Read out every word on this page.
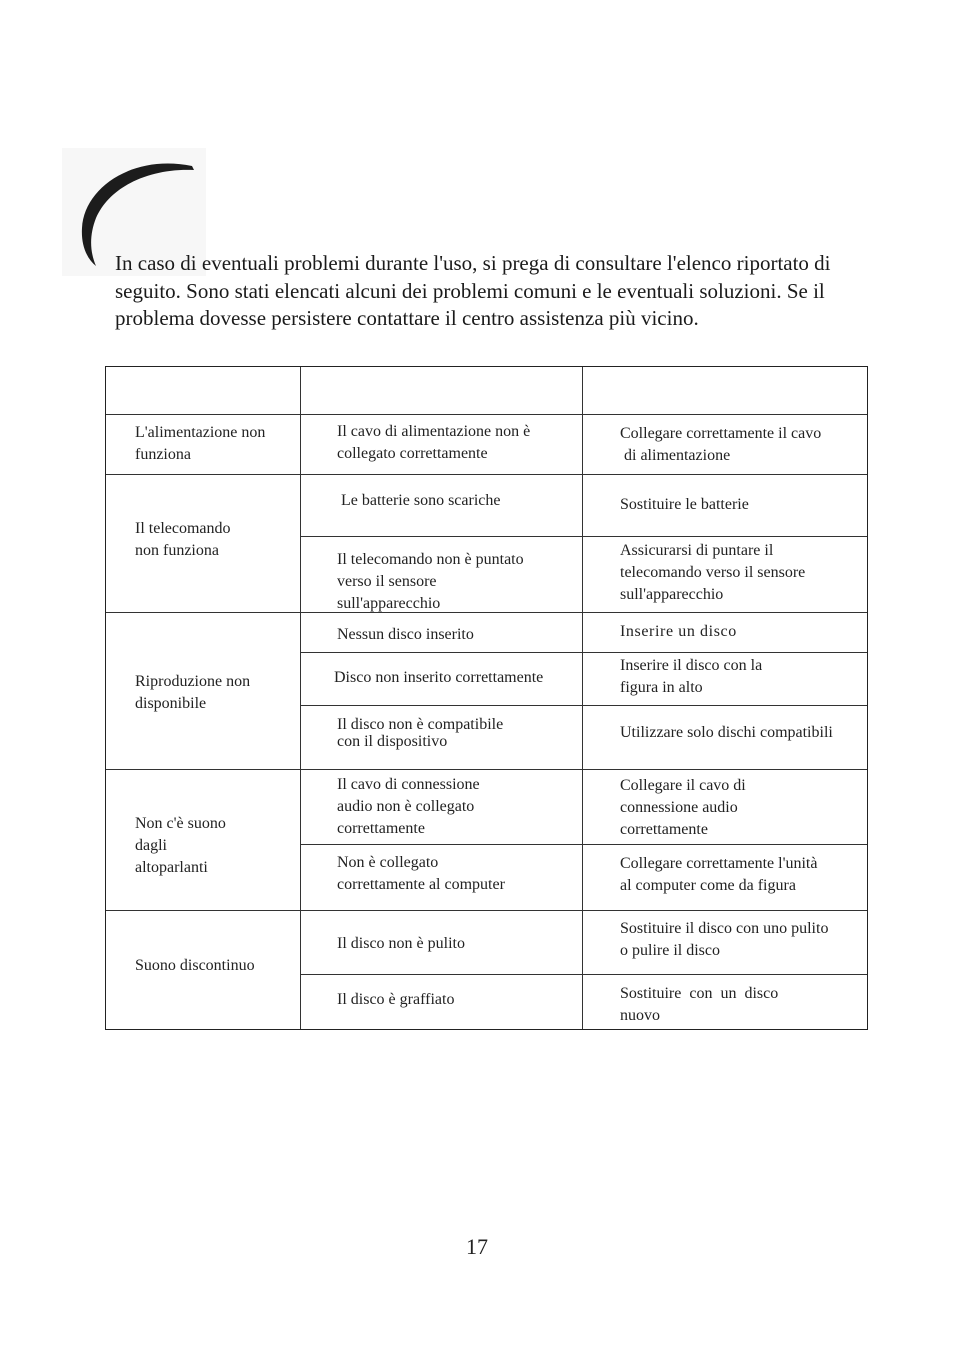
In caso di eventuali problemi durante l'uso, si prega di consultare l'elenco riportato di

seguito. Sono stati elencati alcuni dei problemi comuni e le eventuali soluzioni. Se il

problema dovesse persistere contattare il centro assistenza più vicino.

L'alimentazione non
funziona
Il telecomando
non funziona
Riproduzione non
disponibile
Non c'è suono
dagli
altoparlanti
Suono discontinuo
Il cavo di alimentazione non è
collegato correttamente
Le batterie sono scariche
Il telecomando non è puntato
verso il sensore
sull'apparecchio
Nessun disco inserito
Disco non inserito correttamente
Il disco non è compatibile
con il dispositivo
Il cavo di connessione
audio non è collegato
correttamente
Non è collegato
correttamente al computer
Il disco non è pulito
Il disco è graffiato
Collegare correttamente il cavo
di alimentazione
Sostituire le batterie
Assicurarsi di puntare il
telecomando verso il sensore
sull'apparecchio
Inserire un disco
Inserire il disco con la
figura in alto
Utilizzare solo dischi compatibili
Collegare il cavo di
connessione audio
correttamente
Collegare correttamente l'unità
al computer come da figura
Sostituire il disco con uno pulito
o pulire il disco
Sostituire  con  un  disco
nuovo
17
